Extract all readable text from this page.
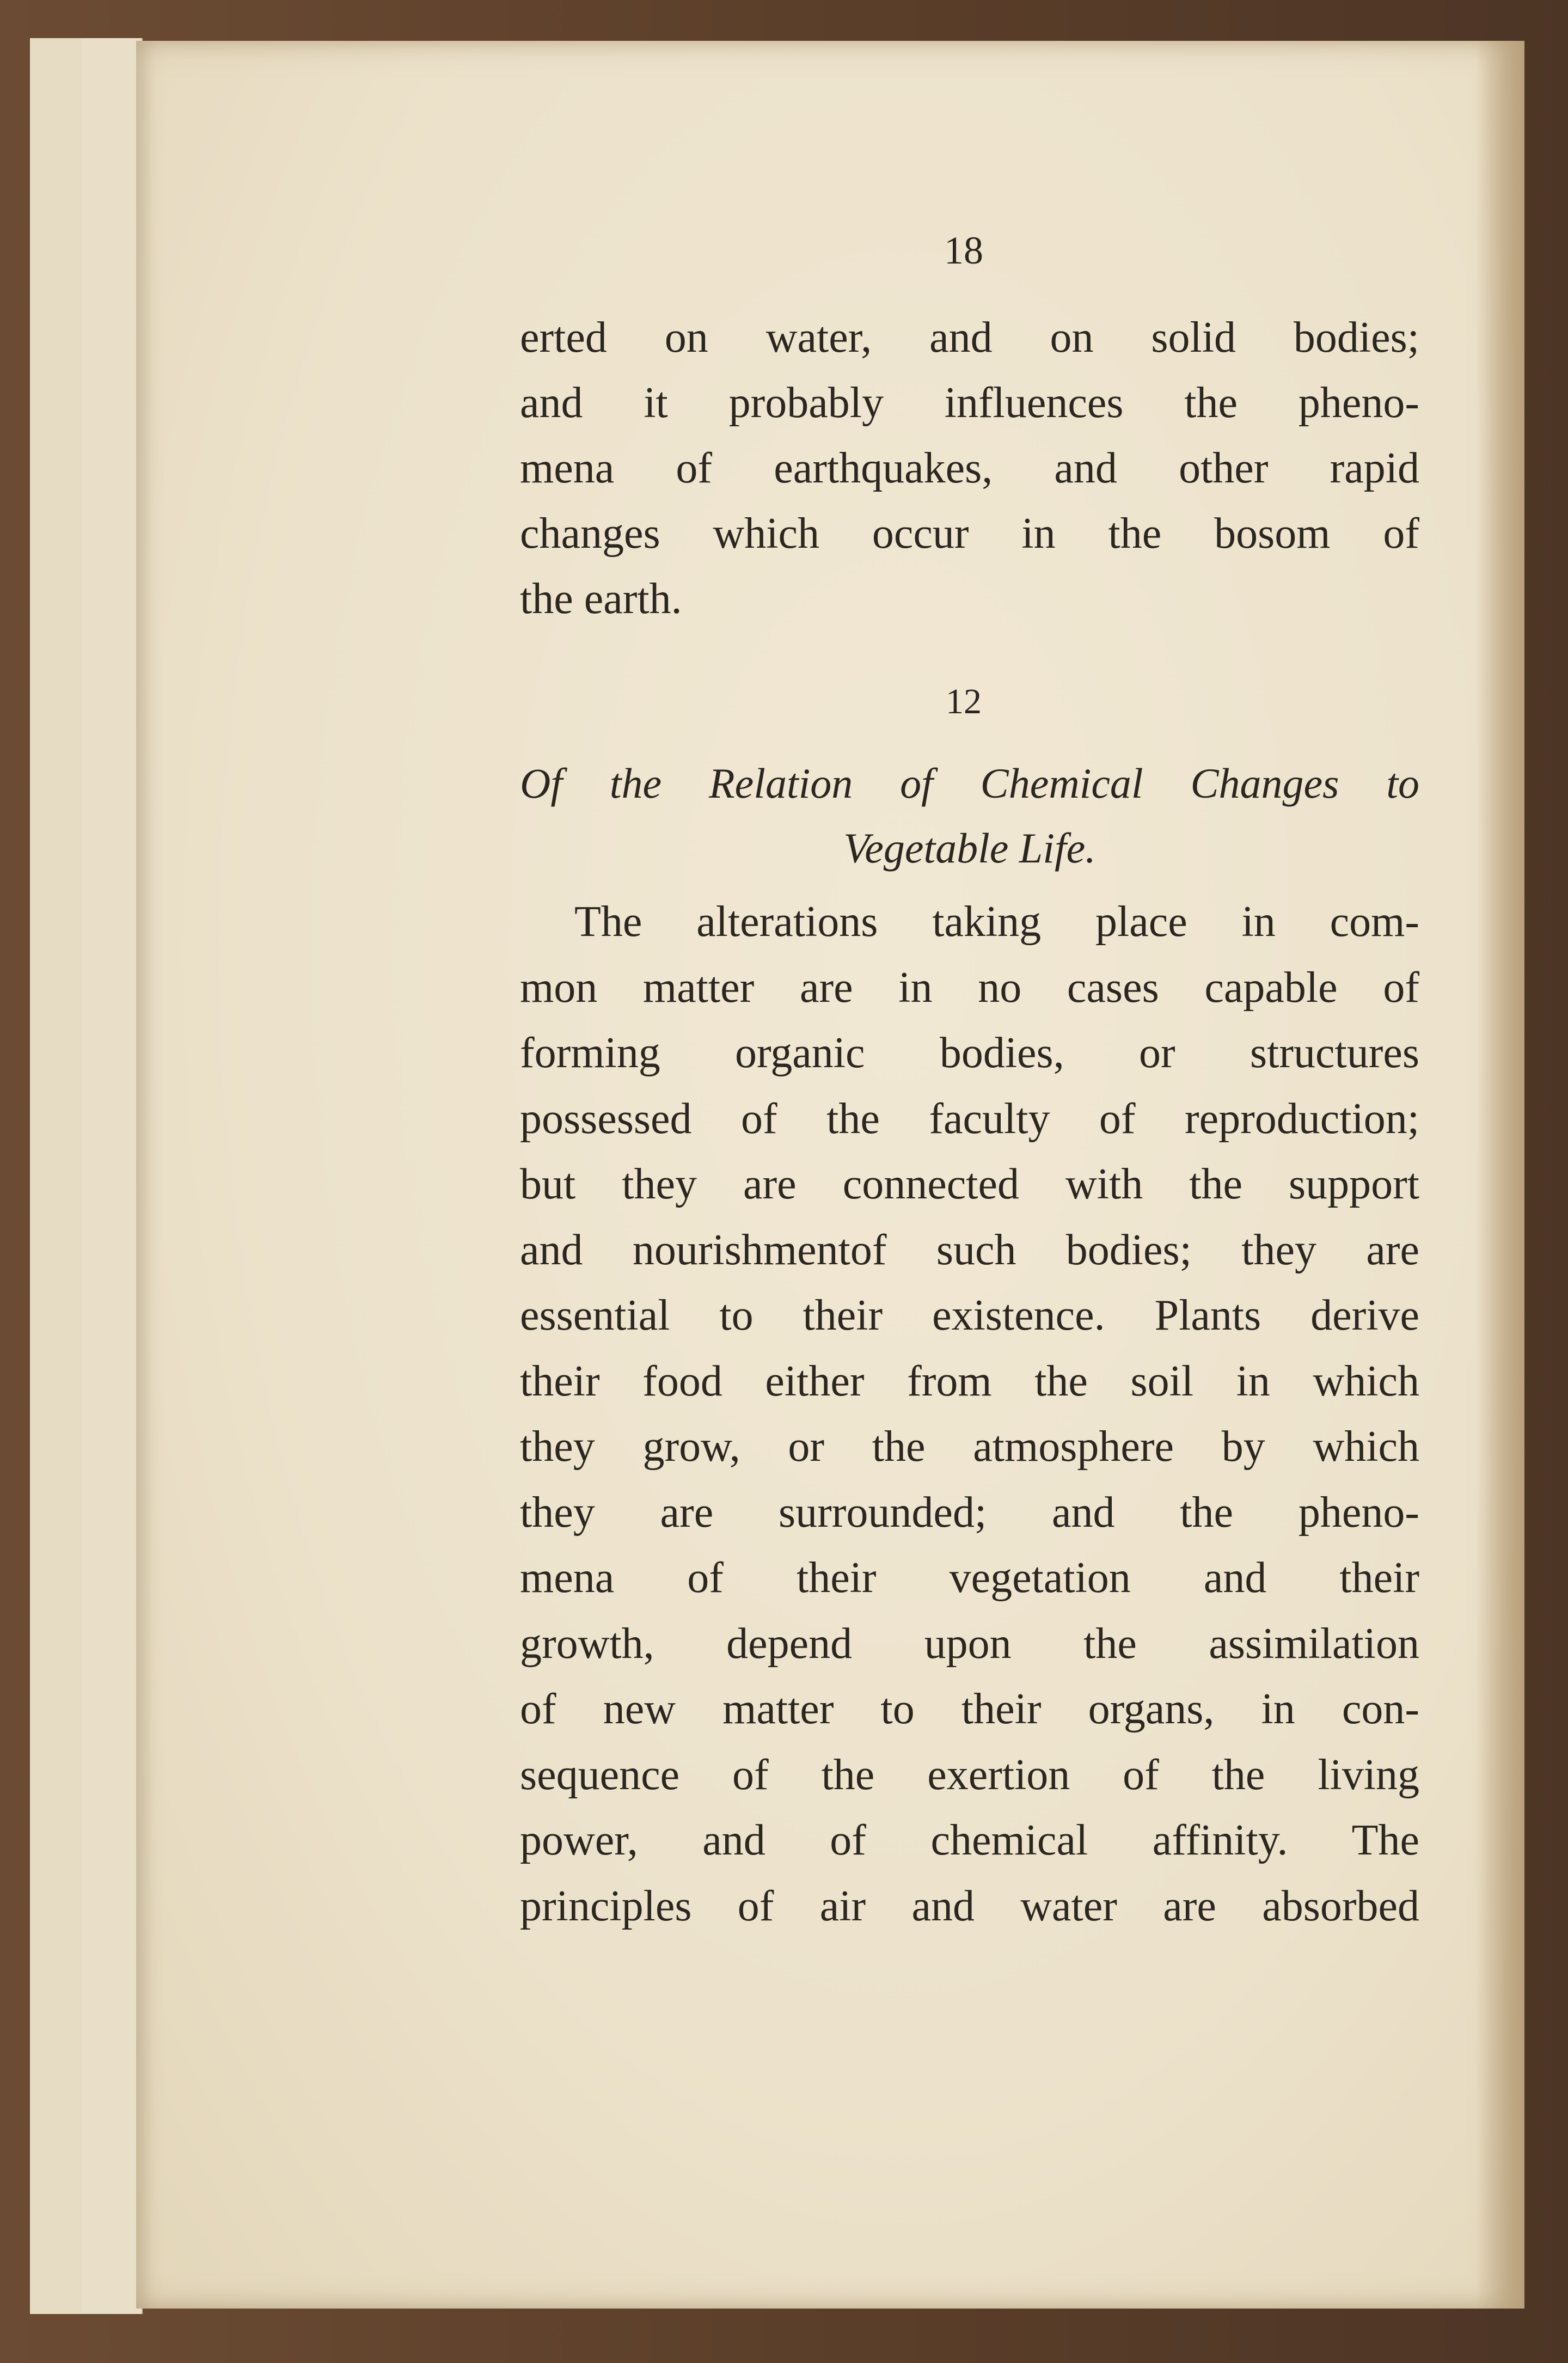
18
erted on water, and on solid bodies;
and it probably influences the pheno-
mena of earthquakes, and other rapid
changes which occur in the bosom of
the earth.
12
Of the Relation of Chemical Changes to
Vegetable Life.
The alterations taking place in com-
mon matter are in no cases capable of
forming organic bodies, or structures
possessed of the faculty of reproduction;
but they are connected with the support
and nourishmentof such bodies; they are
essential to their existence. Plants derive
their food either from the soil in which
they grow, or the atmosphere by which
they are surrounded; and the pheno-
mena of their vegetation and their
growth, depend upon the assimilation
of new matter to their organs, in con-
sequence of the exertion of the living
power, and of chemical affinity. The
principles of air and water are absorbed
